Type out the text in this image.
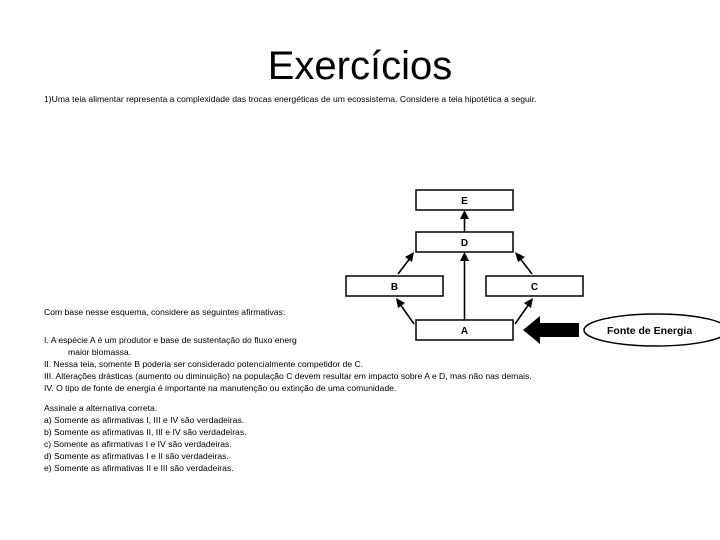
Exercícios
1)Uma teia alimentar representa a complexidade das trocas energéticas de um ecossistema. Considere a teia hipotética a seguir.
Com base nesse esquema, considere as seguintes afirmativas:
I. A espécie A é um produtor e base de sustentação do fluxo energ
maior biomassa.
II. Nessa teia, somente B poderia ser considerado potencialmente competidor de C.
III. Alterações drásticas (aumento ou diminuição) na população C devem resultar em impacto sobre A e D, mas não nas demais.
IV. O tipo de fonte de energia é importante na manutenção ou extinção de uma comunidade.
Assinale a alternativa correta.
a) Somente as afirmativas I, III e IV são verdadeiras.
b) Somente as afirmativas II, III e IV são verdadeiras.
c) Somente as afirmativas I e IV são verdadeiras.
d) Somente as afirmativas I e II são verdadeiras.
e) Somente as afirmativas II e III são verdadeiras.
E
D
B	C
A	Fonte de Energia
